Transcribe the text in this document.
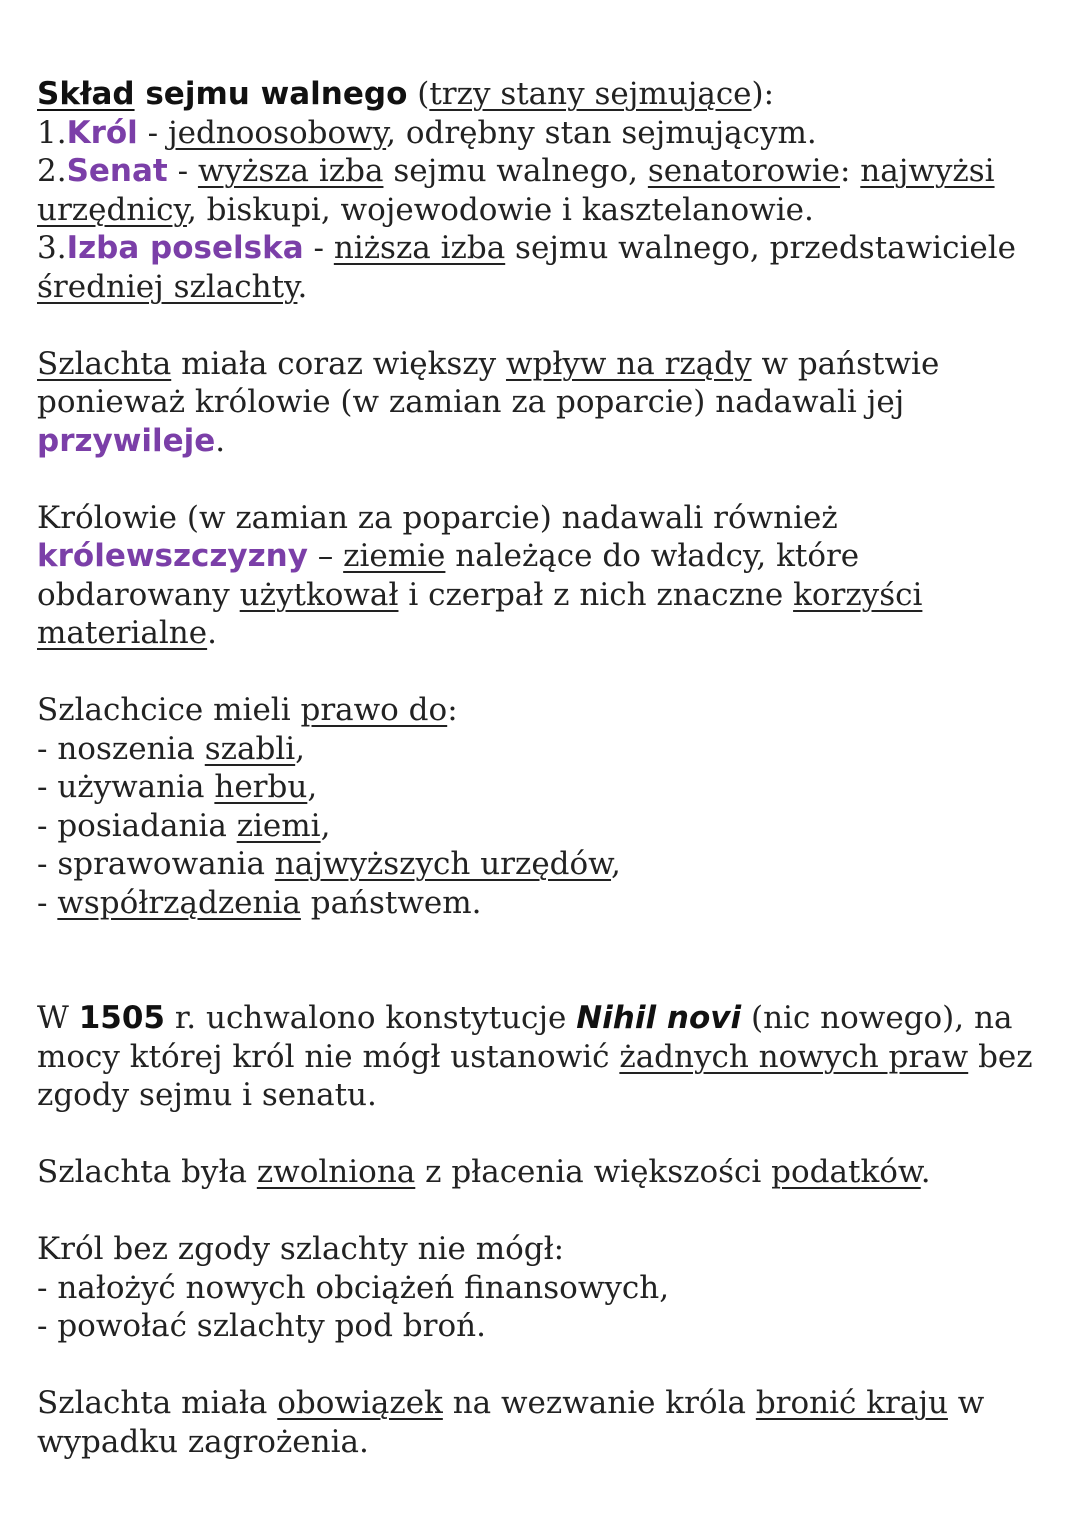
Skład sejmu walnego (trzy stany sejmujące):
1.Król - jednoosobowy, odrębny stan sejmującym.
2.Senat - wyższa izba sejmu walnego, senatorowie: najwyżsi
urzędnicy, biskupi, wojewodowie i kasztelanowie.
3.Izba poselska - niższa izba sejmu walnego, przedstawiciele
średniej szlachty.
Szlachta miała coraz większy wpływ na rządy w państwie
ponieważ królowie (w zamian za poparcie) nadawali jej
przywileje.
Królowie (w zamian za poparcie) nadawali również
królewszczyzny – ziemie należące do władcy, które
obdarowany użytkował i czerpał z nich znaczne korzyści
materialne.
Szlachcice mieli prawo do:
- noszenia szabli,
- używania herbu,
- posiadania ziemi,
- sprawowania najwyższych urzędów,
- współrządzenia państwem.
W 1505 r. uchwalono konstytucje Nihil novi (nic nowego), na
mocy której król nie mógł ustanowić żadnych nowych praw bez
zgody sejmu i senatu.
Szlachta była zwolniona z płacenia większości podatków.
Król bez zgody szlachty nie mógł:
- nałożyć nowych obciążeń finansowych,
- powołać szlachty pod broń.
Szlachta miała obowiązek na wezwanie króla bronić kraju w
wypadku zagrożenia.
